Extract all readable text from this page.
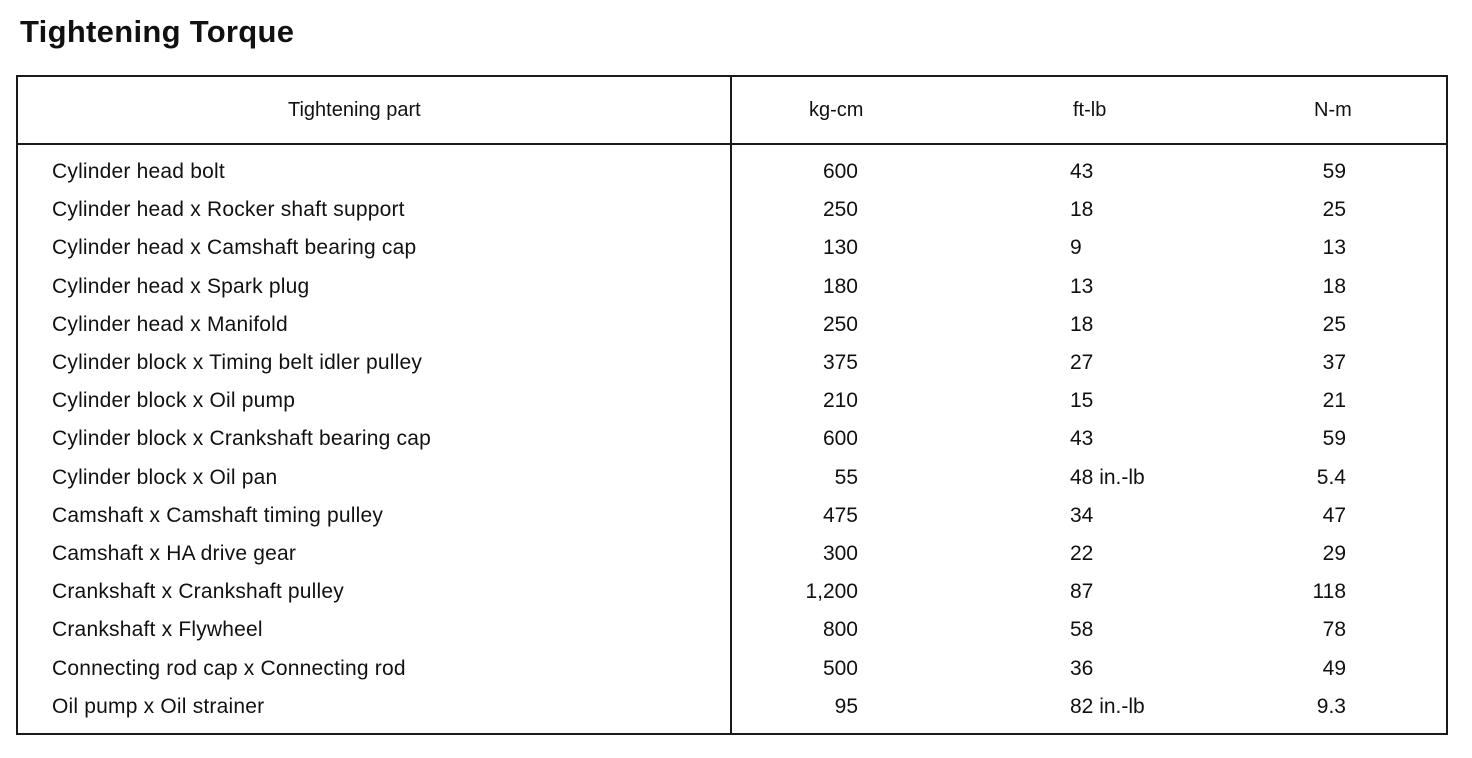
Tightening Torque
Tightening part	kg-cm	ft-lb	N-m
Cylinder head bolt	600	43	59
Cylinder head x Rocker shaft support	250	18	25
Cylinder head x Camshaft bearing cap	130	9	13
Cylinder head x Spark plug	180	13	18
Cylinder head x Manifold	250	18	25
Cylinder block x Timing belt idler pulley	375	27	37
Cylinder block x Oil pump	210	15	21
Cylinder block x Crankshaft bearing cap	600	43	59
Cylinder block x Oil pan	55	48 in.-lb	5.4
Camshaft x Camshaft timing pulley	475	34	47
Camshaft x HA drive gear	300	22	29
Crankshaft x Crankshaft pulley	1,200	87	118
Crankshaft x Flywheel	800	58	78
Connecting rod cap x Connecting rod	500	36	49
Oil pump x Oil strainer	95	82 in.-lb	9.3
